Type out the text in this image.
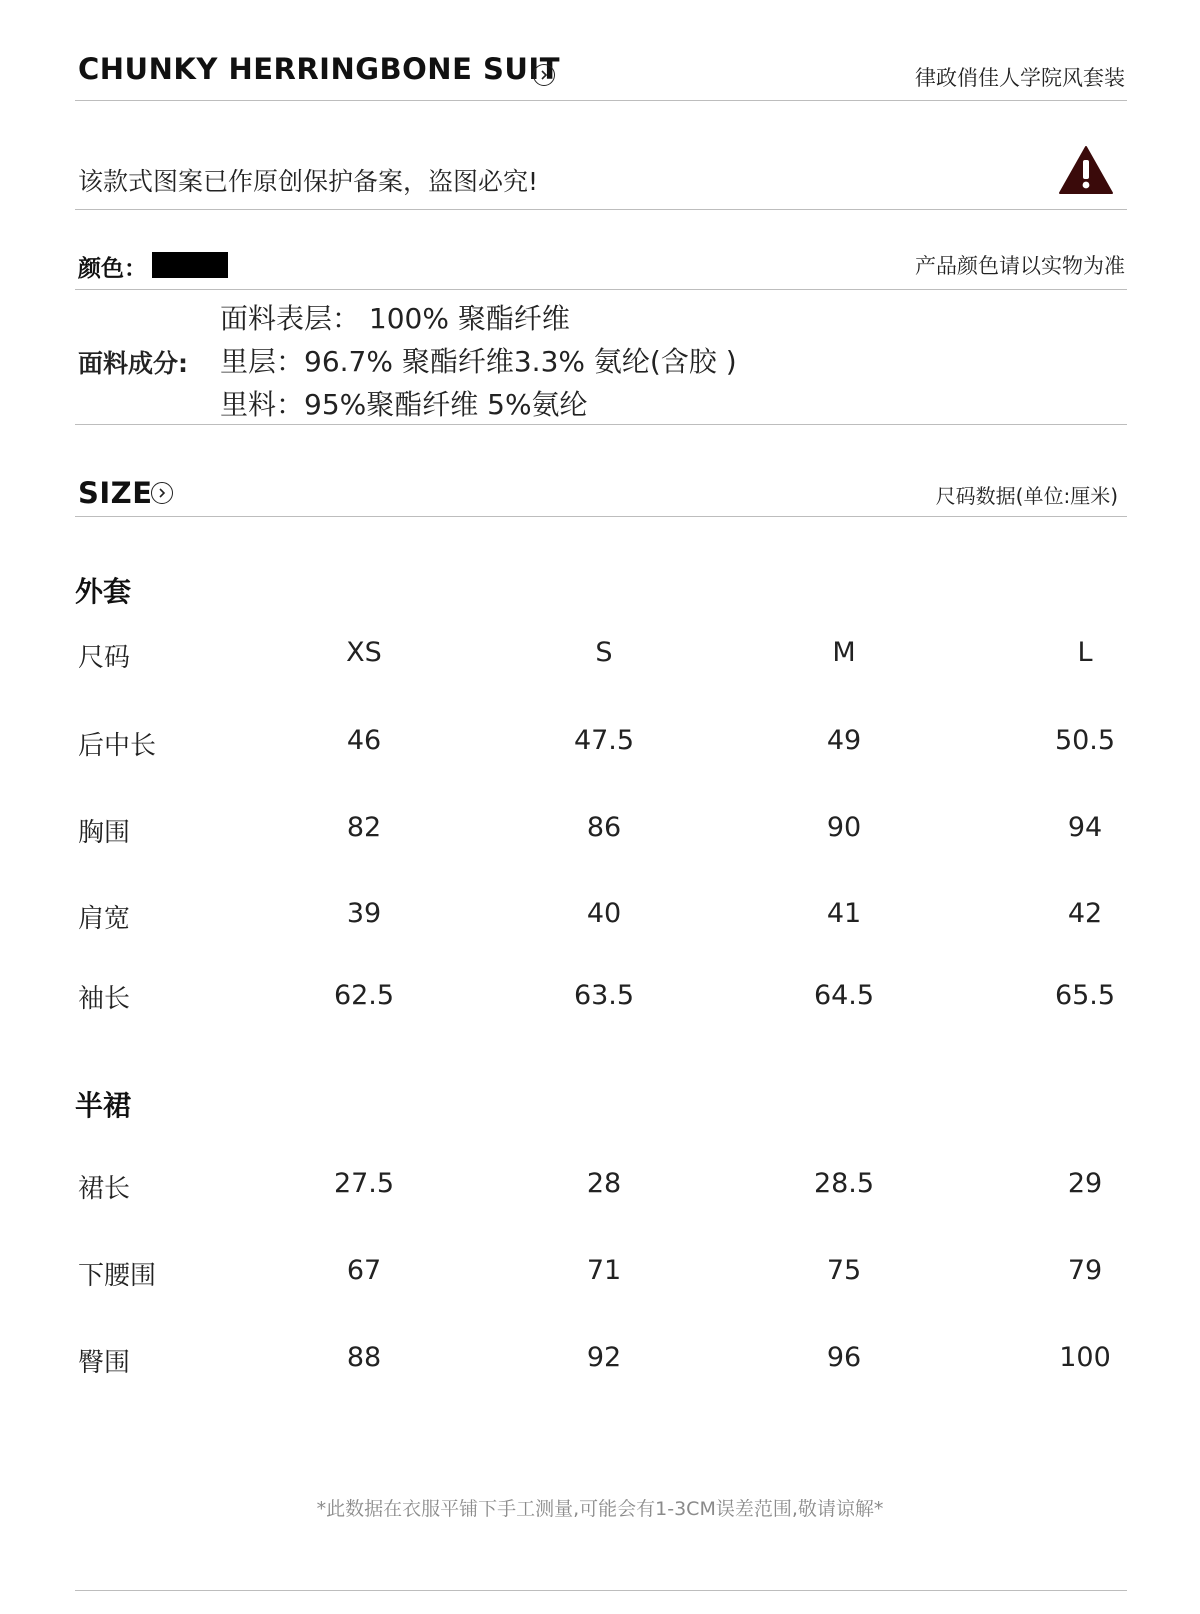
CHUNKY HERRINGBONE SUIT	律政俏佳人学院风套装
该款式图案已作原创保护备案，盗图必究!
颜色：	产品颜色请以实物为准
面料成分:
面料表层： 100% 聚酯纤维
里层：96.7% 聚酯纤维3.3% 氨纶(含胶 )
里料：95%聚酯纤维 5%氨纶
SIZE	尺码数据(单位:厘米)
外套
尺码	XS	S	M	L
后中长	46	47.5	49	50.5
胸围	82	86	90	94
肩宽	39	40	41	42
袖长	62.5	63.5	64.5	65.5
半裙
裙长	27.5	28	28.5	29
下腰围	67	71	75	79
臀围	88	92	96	100
*此数据在衣服平铺下手工测量,可能会有1-3CM误差范围,敬请谅解*
